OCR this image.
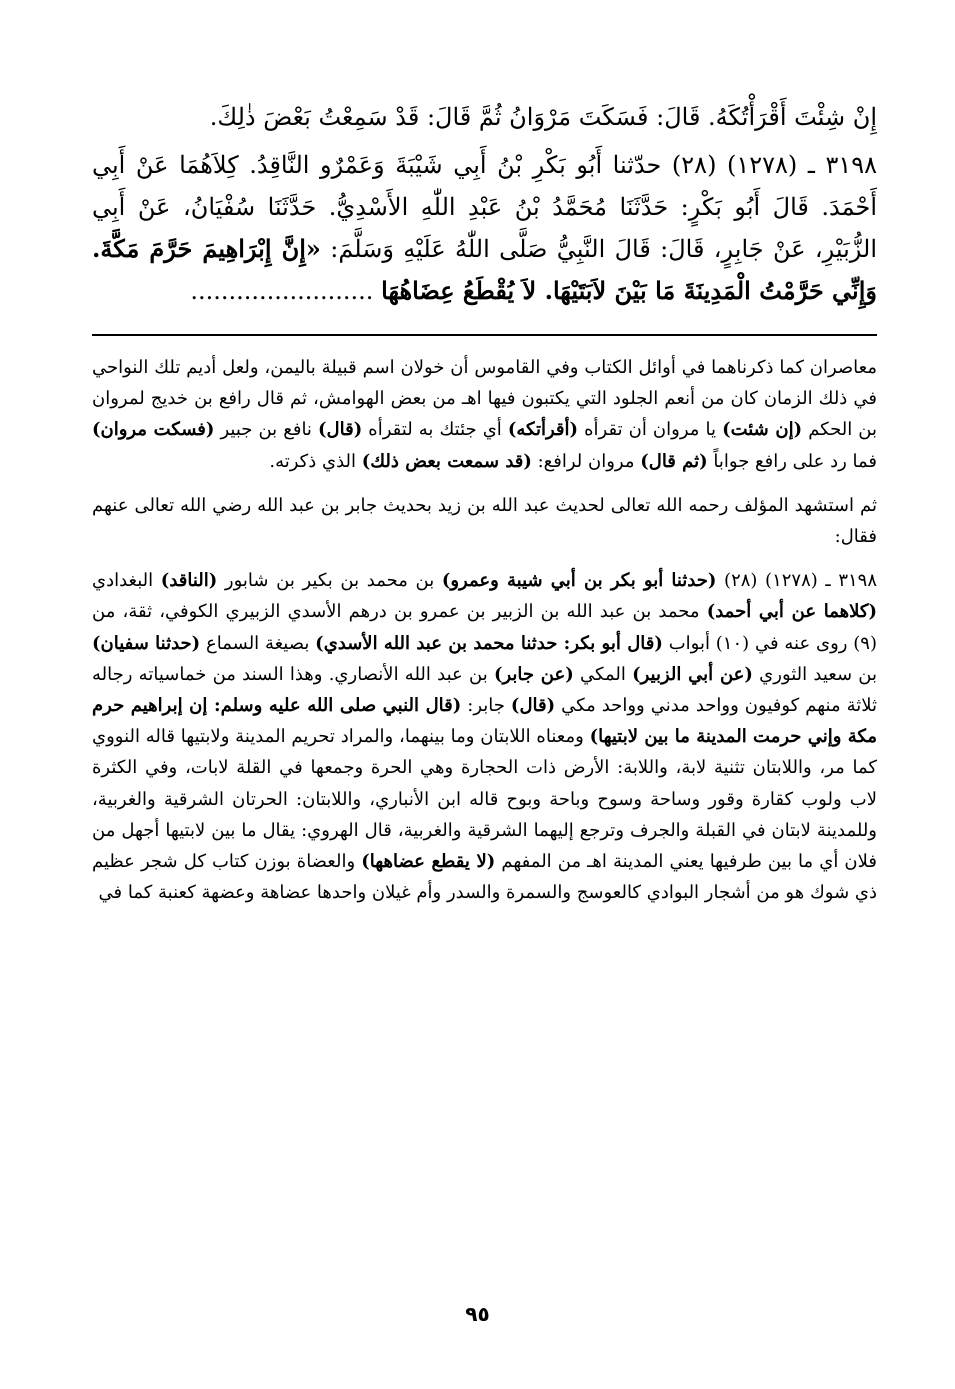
إِنْ شِئْتَ أَقْرَأْتُكَهُ. قَالَ: فَسَكَتَ مَرْوَانُ ثُمَّ قَالَ: قَدْ سَمِعْتُ بَعْضَ ذٰلِكَ.

٣١٩٨ ـ (١٢٧٨) (٢٨) حدّثنا أَبُو بَكْرِ بْنُ أَبِي شَيْبَةَ وَعَمْرٌو النَّاقِدُ. كِلاَهُمَا عَنْ أَبِي أَحْمَدَ. قَالَ أَبُو بَكْرٍ: حَدَّثَنَا مُحَمَّدُ بْنُ عَبْدِ اللّٰهِ الأَسْدِيُّ. حَدَّثَنَا سُفْيَانُ، عَنْ أَبِي الزُّبَيْرِ، عَنْ جَابِرٍ، قَالَ: قَالَ النَّبِيُّ صَلَّى اللّٰهُ عَلَيْهِ وَسَلَّمَ: «إِنَّ إِبْرَاهِيمَ حَرَّمَ مَكَّةَ. وَإِنِّي حَرَّمْتُ الْمَدِينَةَ مَا بَيْنَ لاَبَتَيْهَا. لاَ يُقْطَعُ عِضَاهُهَا ........................

معاصران كما ذكرناهما في أوائل الكتاب وفي القاموس أن خولان اسم قبيلة باليمن، ولعل أديم تلك النواحي في ذلك الزمان كان من أنعم الجلود التي يكتبون فيها اهـ من بعض الهوامش، ثم قال رافع بن خديج لمروان بن الحكم (إن شئت) يا مروان أن تقرأه (أقرأتكه) أي جئتك به لتقرأه (قال) نافع بن جبير (فسكت مروان) فما رد على رافع جواباً (ثم قال) مروان لرافع: (قد سمعت بعض ذلك) الذي ذكرته.

ثم استشهد المؤلف رحمه الله تعالى لحديث عبد الله بن زيد بحديث جابر بن عبد الله رضي الله تعالى عنهم فقال:

٣١٩٨ ـ (١٢٧٨) (٢٨) (حدثنا أبو بكر بن أبي شيبة وعمرو) بن محمد بن بكير بن شابور (الناقد) البغدادي (كلاهما عن أبي أحمد) محمد بن عبد الله بن الزبير بن عمرو بن درهم الأسدي الزبيري الكوفي، ثقة، من (٩) روى عنه في (١٠) أبواب (قال أبو بكر: حدثنا محمد بن عبد الله الأسدي) بصيغة السماع (حدثنا سفيان) بن سعيد الثوري (عن أبي الزبير) المكي (عن جابر) بن عبد الله الأنصاري. وهذا السند من خماسياته رجاله ثلاثة منهم كوفيون وواحد مدني وواحد مكي (قال) جابر: (قال النبي صلى الله عليه وسلم: إن إبراهيم حرم مكة وإني حرمت المدينة ما بين لابتيها) ومعناه اللابتان وما بينهما، والمراد تحريم المدينة ولابتيها قاله النووي كما مر، واللابتان تثنية لابة، واللابة: الأرض ذات الحجارة وهي الحرة وجمعها في القلة لابات، وفي الكثرة لاب ولوب كقارة وقور وساحة وسوح وباحة وبوح قاله ابن الأنباري، واللابتان: الحرتان الشرقية والغربية، وللمدينة لابتان في القبلة والجرف وترجع إليهما الشرقية والغربية، قال الهروي: يقال ما بين لابتيها أجهل من فلان أي ما بين طرفيها يعني المدينة اهـ من المفهم (لا يقطع عضاهها) والعضاة بوزن كتاب كل شجر عظيم ذي شوك هو من أشجار البوادي كالعوسج والسمرة والسدر وأم غيلان واحدها عضاهة وعضهة كعنبة كما في

٩٥
